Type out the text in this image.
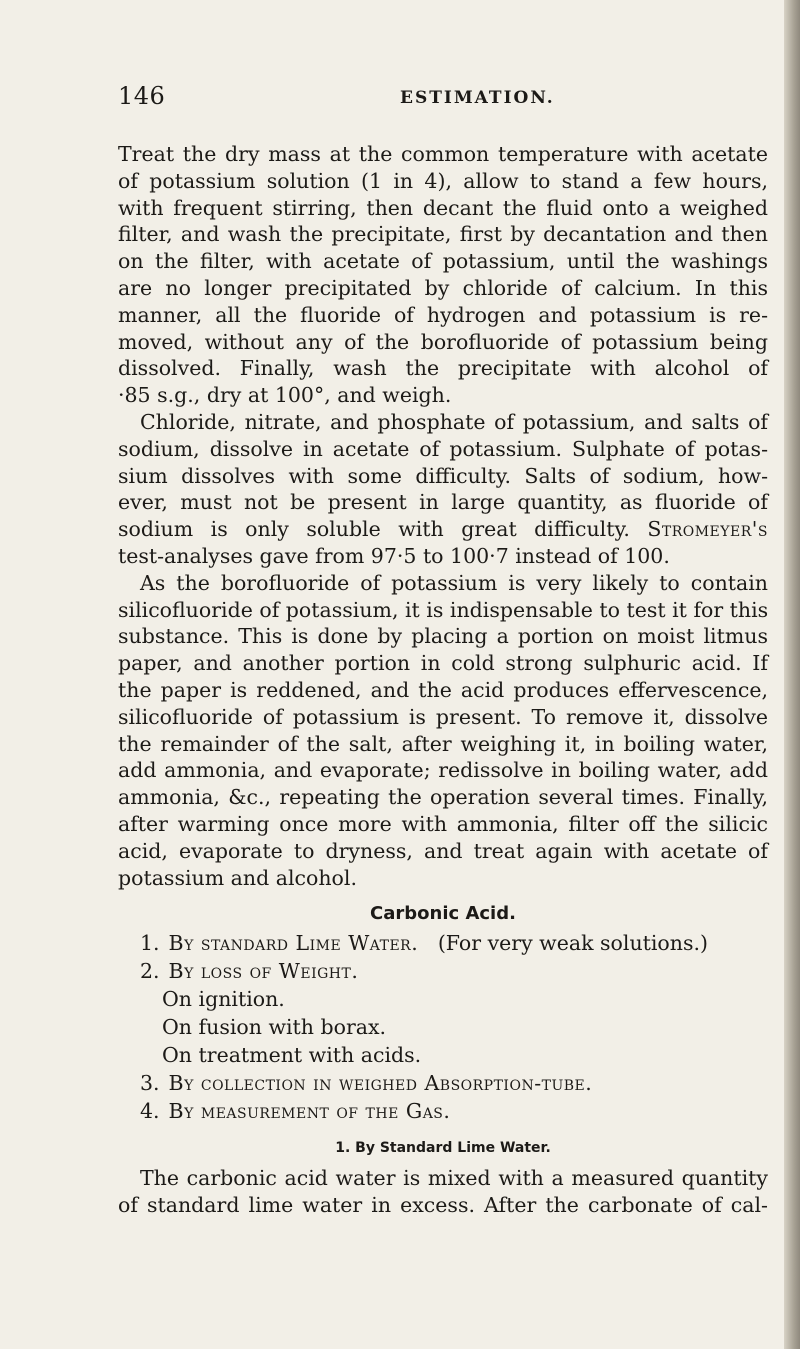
146	ESTIMATION.
Treat the dry mass at the common temperature with acetate
of potassium solution (1 in 4), allow to stand a few hours,
with frequent stirring, then decant the fluid onto a weighed
filter, and wash the precipitate, first by decantation and then
on the filter, with acetate of potassium, until the washings
are no longer precipitated by chloride of calcium. In this
manner, all the fluoride of hydrogen and potassium is re-
moved, without any of the borofluoride of potassium being
dissolved. Finally, wash the precipitate with alcohol of
·85 s.g., dry at 100°, and weigh.
Chloride, nitrate, and phosphate of potassium, and salts of
sodium, dissolve in acetate of potassium. Sulphate of potas-
sium dissolves with some difficulty. Salts of sodium, how-
ever, must not be present in large quantity, as fluoride of
sodium is only soluble with great difficulty. Stromeyer's
test-analyses gave from 97·5 to 100·7 instead of 100.
As the borofluoride of potassium is very likely to contain
silicofluoride of potassium, it is indispensable to test it for this
substance. This is done by placing a portion on moist litmus
paper, and another portion in cold strong sulphuric acid. If
the paper is reddened, and the acid produces effervescence,
silicofluoride of potassium is present. To remove it, dissolve
the remainder of the salt, after weighing it, in boiling water,
add ammonia, and evaporate; redissolve in boiling water, add
ammonia, &c., repeating the operation several times. Finally,
after warming once more with ammonia, filter off the silicic
acid, evaporate to dryness, and treat again with acetate of
potassium and alcohol.
Carbonic Acid.
1. By standard Lime Water. (For very weak solutions.)
2. By loss of Weight.
On ignition.
On fusion with borax.
On treatment with acids.
3. By collection in weighed Absorption-tube.
4. By measurement of the Gas.
1. By Standard Lime Water.
The carbonic acid water is mixed with a measured quantity
of standard lime water in excess. After the carbonate of cal-
